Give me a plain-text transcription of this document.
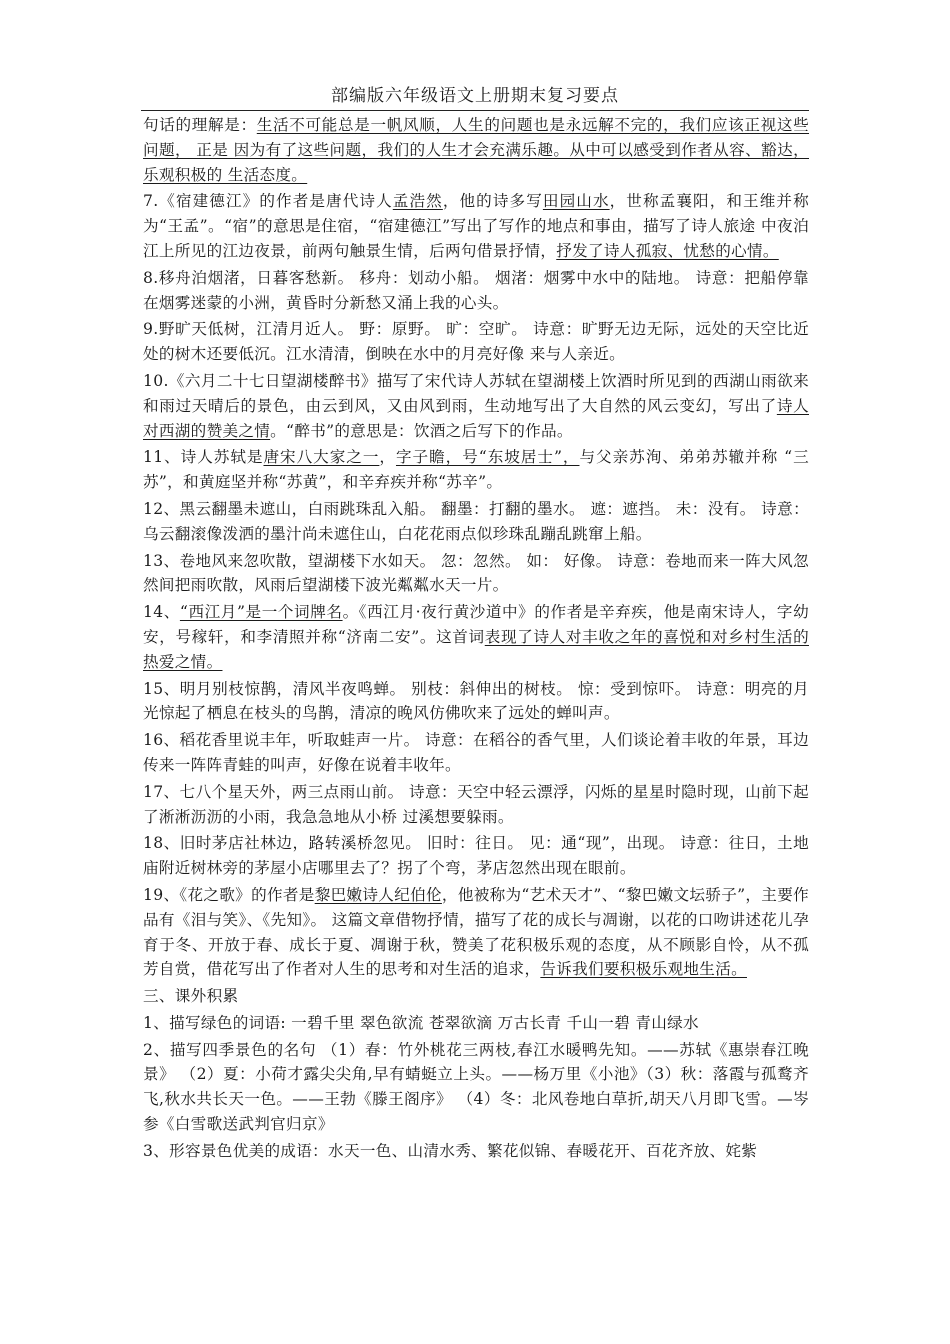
部编版六年级语文上册期末复习要点

句话的理解是：生活不可能总是一帆风顺，人生的问题也是永远解不完的，我们应该正视这些问题， 正是 因为有了这些问题，我们的人生才会充满乐趣。从中可以感受到作者从容、豁达，乐观积极的 生活态度。

7.《宿建德江》的作者是唐代诗人孟浩然，他的诗多写田园山水，世称孟襄阳，和王维并称 为“王孟”。“宿”的意思是住宿，“宿建德江”写出了写作的地点和事由，描写了诗人旅途 中夜泊江上所见的江边夜景，前两句触景生情，后两句借景抒情，抒发了诗人孤寂、忧愁的心情。

8.移舟泊烟渚，日暮客愁新。 移舟：划动小船。 烟渚：烟雾中水中的陆地。 诗意：把船停靠在烟雾迷蒙的小洲，黄昏时分新愁又涌上我的心头。

9.野旷天低树，江清月近人。 野：原野。 旷：空旷。 诗意：旷野无边无际，远处的天空比近处的树木还要低沉。江水清清，倒映在水中的月亮好像 来与人亲近。

10.《六月二十七日望湖楼醉书》描写了宋代诗人苏轼在望湖楼上饮酒时所见到的西湖山雨欲来和雨过天晴后的景色，由云到风，又由风到雨，生动地写出了大自然的风云变幻，写出了诗人对西湖的赞美之情。“醉书”的意思是：饮酒之后写下的作品。

11、诗人苏轼是唐宋八大家之一，字子瞻，号“东坡居士”，与父亲苏洵、弟弟苏辙并称 “三 苏”，和黄庭坚并称“苏黄”，和辛弃疾并称“苏辛”。

12、黑云翻墨未遮山，白雨跳珠乱入船。 翻墨：打翻的墨水。 遮：遮挡。 未：没有。 诗意：乌云翻滚像泼洒的墨汁尚未遮住山，白花花雨点似珍珠乱蹦乱跳窜上船。

13、卷地风来忽吹散，望湖楼下水如天。 忽：忽然。 如： 好像。 诗意：卷地而来一阵大风忽然间把雨吹散，风雨后望湖楼下波光粼粼水天一片。

14、“西江月”是一个词牌名。《西江月·夜行黄沙道中》的作者是辛弃疾，他是南宋诗人，字幼安，号稼轩，和李清照并称“济南二安”。这首词表现了诗人对丰收之年的喜悦和对乡村生活的热爱之情。

15、明月别枝惊鹊，清风半夜鸣蝉。 别枝：斜伸出的树枝。 惊：受到惊吓。 诗意：明亮的月光惊起了栖息在枝头的鸟鹊，清凉的晚风仿佛吹来了远处的蝉叫声。

16、稻花香里说丰年，听取蛙声一片。 诗意：在稻谷的香气里，人们谈论着丰收的年景，耳边传来一阵阵青蛙的叫声，好像在说着丰收年。

17、七八个星天外，两三点雨山前。 诗意：天空中轻云漂浮，闪烁的星星时隐时现，山前下起了淅淅沥沥的小雨，我急急地从小桥 过溪想要躲雨。

18、旧时茅店社林边，路转溪桥忽见。 旧时：往日。 见：通“现”，出现。 诗意：往日，土地庙附近树林旁的茅屋小店哪里去了？拐了个弯，茅店忽然出现在眼前。

19、《花之歌》的作者是黎巴嫩诗人纪伯伦，他被称为“艺术天才”、“黎巴嫩文坛骄子”，主要作品有《泪与笑》、《先知》。 这篇文章借物抒情，描写了花的成长与凋谢，以花的口吻讲述花儿孕育于冬、开放于春、成长于夏、凋谢于秋，赞美了花积极乐观的态度，从不顾影自怜，从不孤芳自赏，借花写出了作者对人生的思考和对生活的追求，告诉我们要积极乐观地生活。

三、课外积累

1、描写绿色的词语: 一碧千里 翠色欲流 苍翠欲滴 万古长青 千山一碧 青山绿水

2、描写四季景色的名句 （1）春：竹外桃花三两枝,春江水暖鸭先知。——苏轼《惠崇春江晚景》 （2）夏：小荷才露尖尖角,早有蜻蜓立上头。——杨万里《小池》（3）秋：落霞与孤鹜齐飞,秋水共长天一色。——王勃《滕王阁序》 （4）冬：北风卷地白草折,胡天八月即飞雪。—岑参《白雪歌送武判官归京》

3、形容景色优美的成语：水天一色、山清水秀、繁花似锦、春暖花开、百花齐放、姹紫
